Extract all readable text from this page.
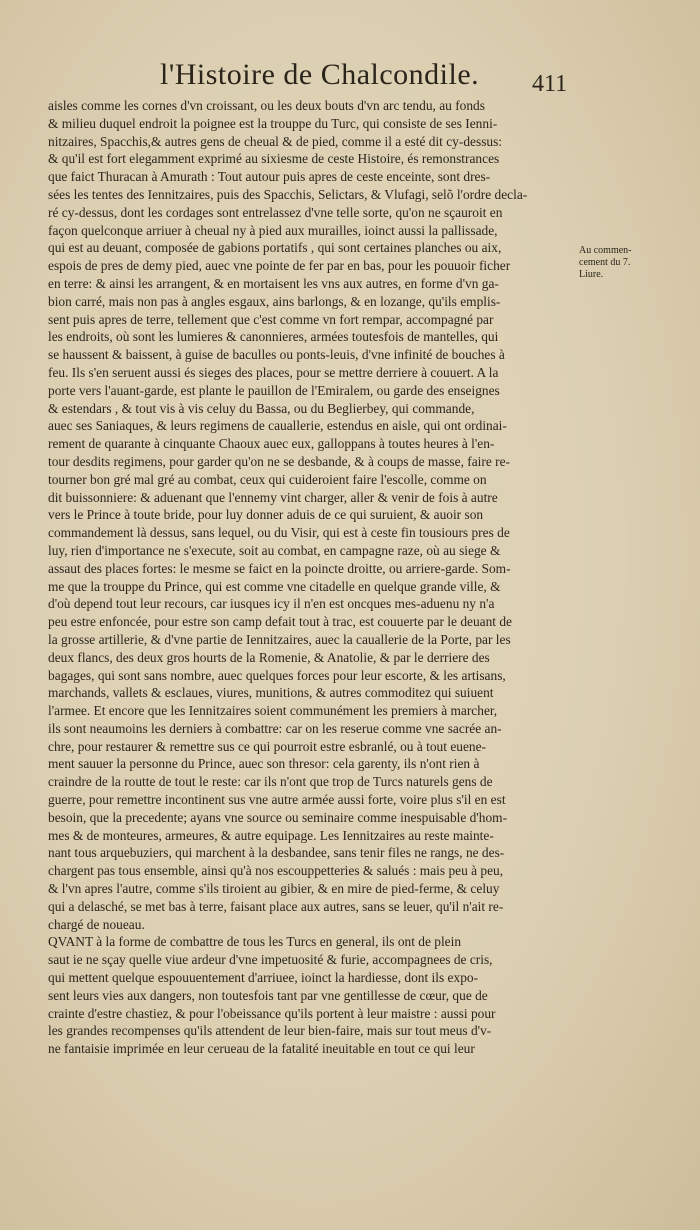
l'Histoire de Chalcondile. 411
aisles comme les cornes d'vn croissant, ou les deux bouts d'vn arc tendu, au fonds
& milieu duquel endroit la poignee est la trouppe du Turc, qui consiste de ses Ienni-
nitzaires, Spacchis,& autres gens de cheual & de pied, comme il a esté dit cy-dessus:
& qu'il est fort elegamment exprimé au sixiesme de ceste Histoire, és remonstrances
que faict Thuracan à Amurath : Tout autour puis apres de ceste enceinte, sont dres-
sées les tentes des Iennitzaires, puis des Spacchis, Selictars, & Vlufagi, selõ l'ordre decla-
ré cy-dessus, dont les cordages sont entrelassez d'vne telle sorte, qu'on ne sçauroit en
façon quelconque arriuer à cheual ny à pied aux murailles, ioinct aussi la pallissade,
qui est au deuant, composée de gabions portatifs , qui sont certaines planches ou aix,
espois de pres de demy pied, auec vne pointe de fer par en bas, pour les pouuoir ficher
en terre: & ainsi les arrangent, & en mortaisent les vns aux autres, en forme d'vn ga-
bion carré, mais non pas à angles esgaux, ains barlongs, & en lozange, qu'ils emplis-
sent puis apres de terre, tellement que c'est comme vn fort rempar, accompagné par
les endroits, où sont les lumieres & canonnieres, armées toutesfois de mantelles, qui
se haussent & baissent, à guise de baculles ou ponts-leuis, d'vne infinité de bouches à
feu. Ils s'en seruent aussi és sieges des places, pour se mettre derriere à couuert. A la
porte vers l'auant-garde, est plante le pauillon de l'Emiralem, ou garde des enseignes
& estendars , & tout vis à vis celuy du Bassa, ou du Beglierbey, qui commande,
auec ses Saniaques, & leurs regimens de cauallerie, estendus en aisle, qui ont ordinai-
rement de quarante à cinquante Chaoux auec eux, galloppans à toutes heures à l'en-
tour desdits regimens, pour garder qu'on ne se desbande, & à coups de masse, faire re-
tourner bon gré mal gré au combat, ceux qui cuideroient faire l'escolle, comme on
dit buissonniere: & aduenant que l'ennemy vint charger, aller & venir de fois à autre
vers le Prince à toute bride, pour luy donner aduis de ce qui suruient, & auoir son
commandement là dessus, sans lequel, ou du Visir, qui est à ceste fin tousiours pres de
luy, rien d'importance ne s'execute, soit au combat, en campagne raze, où au siege &
assaut des places fortes: le mesme se faict en la poincte droitte, ou arriere-garde. Som-
me que la trouppe du Prince, qui est comme vne citadelle en quelque grande ville, &
d'où depend tout leur recours, car iusques icy il n'en est oncques mes-aduenu ny n'a
peu estre enfoncée, pour estre son camp defait tout à trac, est couuerte par le deuant de
la grosse artillerie, & d'vne partie de Iennitzaires, auec la cauallerie de la Porte, par les
deux flancs, des deux gros hourts de la Romenie, & Anatolie, & par le derriere des
bagages, qui sont sans nombre, auec quelques forces pour leur escorte, & les artisans,
marchands, vallets & esclaues, viures, munitions, & autres commoditez qui suiuent
l'armee. Et encore que les Iennitzaires soient communément les premiers à marcher,
ils sont neaumoins les derniers à combattre: car on les reserue comme vne sacrée an-
chre, pour restaurer & remettre sus ce qui pourroit estre esbranlé, ou à tout euene-
ment sauuer la personne du Prince, auec son thresor: cela garenty, ils n'ont rien à
craindre de la routte de tout le reste: car ils n'ont que trop de Turcs naturels gens de
guerre, pour remettre incontinent sus vne autre armée aussi forte, voire plus s'il en est
besoin, que la precedente; ayans vne source ou seminaire comme inespuisable d'hom-
mes & de monteures, armeures, & autre equipage. Les Iennitzaires au reste mainte-
nant tous arquebuziers, qui marchent à la desbandee, sans tenir files ne rangs, ne des-
chargent pas tous ensemble, ainsi qu'à nos escouppetteries & salués : mais peu à peu,
& l'vn apres l'autre, comme s'ils tiroient au gibier, & en mire de pied-ferme, & celuy
qui a delasché, se met bas à terre, faisant place aux autres, sans se leuer, qu'il n'ait re-
chargé de noueau.
QVANT à la forme de combattre de tous les Turcs en general, ils ont de plein
saut ie ne sçay quelle viue ardeur d'vne impetuosité & furie, accompagnees de cris,
qui mettent quelque espouuentement d'arriuee, ioinct la hardiesse, dont ils expo-
sent leurs vies aux dangers, non toutesfois tant par vne gentillesse de cœur, que de
crainte d'estre chastiez, & pour l'obeissance qu'ils portent à leur maistre : aussi pour
les grandes recompenses qu'ils attendent de leur bien-faire, mais sur tout meus d'v-
ne fantaisie imprimée en leur cerueau de la fatalité ineuitable en tout ce qui leur
Au commen-
cement du 7.
Liure.
